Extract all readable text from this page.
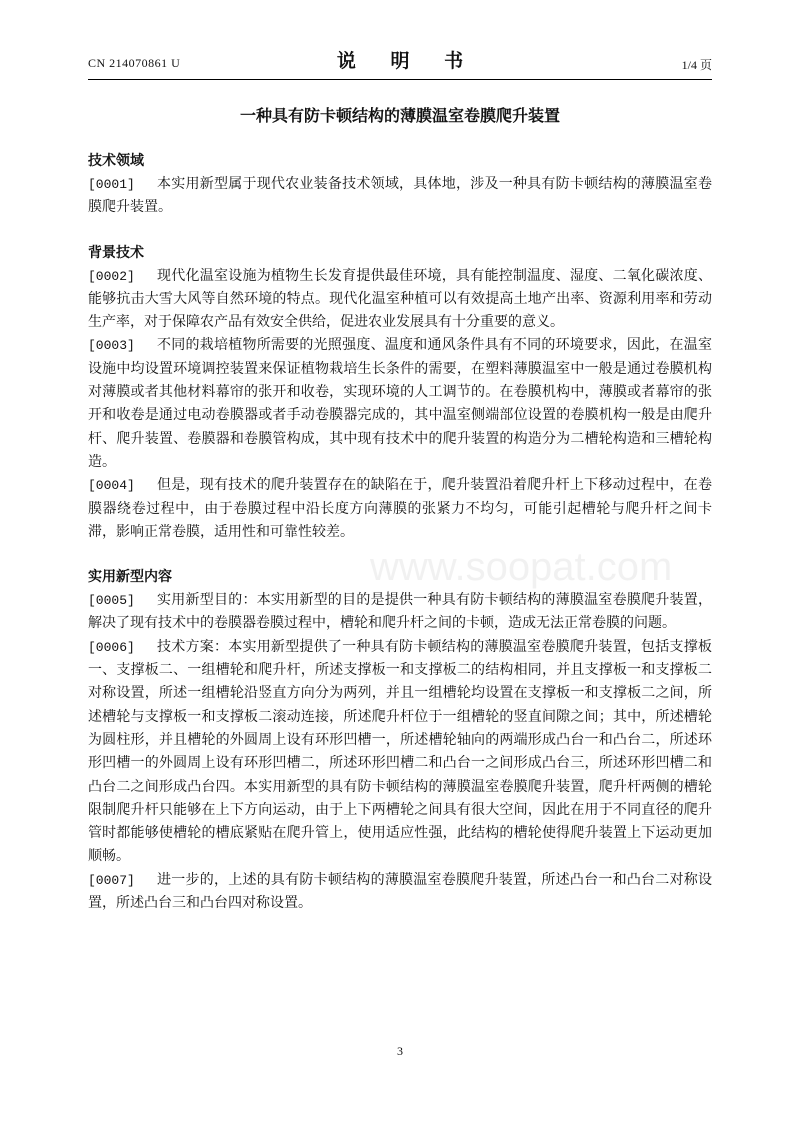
CN 214070861 U	说 明 书	1/4 页
一种具有防卡顿结构的薄膜温室卷膜爬升装置
技术领域

[0001] 本实用新型属于现代农业装备技术领域，具体地，涉及一种具有防卡顿结构的薄膜温室卷膜爬升装置。

背景技术

[0002] 现代化温室设施为植物生长发育提供最佳环境，具有能控制温度、湿度、二氧化碳浓度、能够抗击大雪大风等自然环境的特点。现代化温室种植可以有效提高土地产出率、资源利用率和劳动生产率，对于保障农产品有效安全供给，促进农业发展具有十分重要的意义。

[0003] 不同的栽培植物所需要的光照强度、温度和通风条件具有不同的环境要求，因此，在温室设施中均设置环境调控装置来保证植物栽培生长条件的需要，在塑料薄膜温室中一般是通过卷膜机构对薄膜或者其他材料幕帘的张开和收卷，实现环境的人工调节的。在卷膜机构中，薄膜或者幕帘的张开和收卷是通过电动卷膜器或者手动卷膜器完成的，其中温室侧端部位设置的卷膜机构一般是由爬升杆、爬升装置、卷膜器和卷膜管构成，其中现有技术中的爬升装置的构造分为二槽轮构造和三槽轮构造。

[0004] 但是，现有技术的爬升装置存在的缺陷在于，爬升装置沿着爬升杆上下移动过程中，在卷膜器绕卷过程中，由于卷膜过程中沿长度方向薄膜的张紧力不均匀，可能引起槽轮与爬升杆之间卡滞，影响正常卷膜，适用性和可靠性较差。

实用新型内容

[0005] 实用新型目的：本实用新型的目的是提供一种具有防卡顿结构的薄膜温室卷膜爬升装置，解决了现有技术中的卷膜器卷膜过程中，槽轮和爬升杆之间的卡顿，造成无法正常卷膜的问题。

[0006] 技术方案：本实用新型提供了一种具有防卡顿结构的薄膜温室卷膜爬升装置，包括支撑板一、支撑板二、一组槽轮和爬升杆，所述支撑板一和支撑板二的结构相同，并且支撑板一和支撑板二对称设置，所述一组槽轮沿竖直方向分为两列，并且一组槽轮均设置在支撑板一和支撑板二之间，所述槽轮与支撑板一和支撑板二滚动连接，所述爬升杆位于一组槽轮的竖直间隙之间；其中，所述槽轮为圆柱形，并且槽轮的外圆周上设有环形凹槽一，所述槽轮轴向的两端形成凸台一和凸台二，所述环形凹槽一的外圆周上设有环形凹槽二，所述环形凹槽二和凸台一之间形成凸台三，所述环形凹槽二和凸台二之间形成凸台四。本实用新型的具有防卡顿结构的薄膜温室卷膜爬升装置，爬升杆两侧的槽轮限制爬升杆只能够在上下方向运动，由于上下两槽轮之间具有很大空间，因此在用于不同直径的爬升管时都能够使槽轮的槽底紧贴在爬升管上，使用适应性强，此结构的槽轮使得爬升装置上下运动更加顺畅。

[0007] 进一步的，上述的具有防卡顿结构的薄膜温室卷膜爬升装置，所述凸台一和凸台二对称设置，所述凸台三和凸台四对称设置。

www.soopat.com
3
